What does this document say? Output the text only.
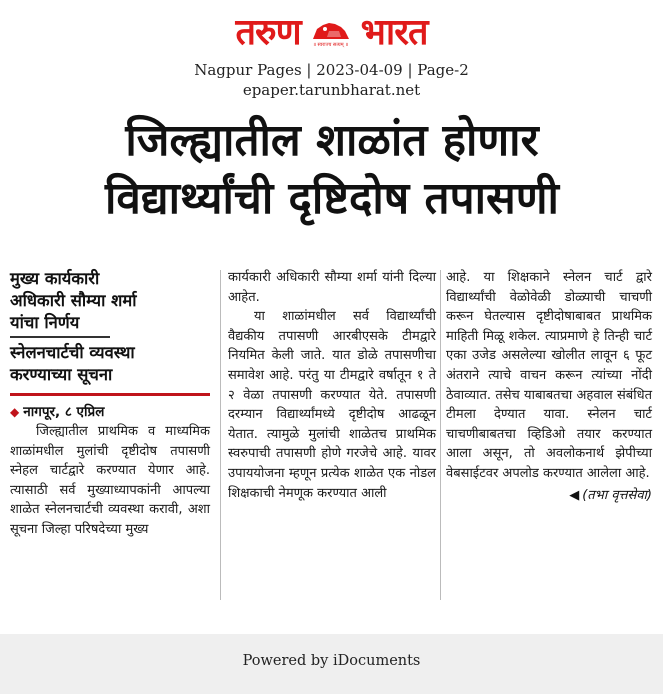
तरुण ॥ स्वराज्य सत्यम् ॥ भारत
Nagpur Pages | 2023-04-09 | Page-2
epaper.tarunbharat.net
जिल्ह्यातील शाळांत होणार
विद्यार्थ्यांची दृष्टिदोष तपासणी
मुख्य कार्यकारी
अधिकारी सौम्या शर्मा
यांचा निर्णय
स्नेलनचार्टची व्यवस्था
करण्याच्या सूचना
◆ नागपूर, ८ एप्रिल

जिल्ह्यातील प्राथमिक व माध्यमिक शाळांमधील मुलांची दृष्टीदोष तपासणी स्नेहल चार्टद्वारे करण्यात येणार आहे. त्यासाठी सर्व मुख्याध्यापकांनी आपल्या शाळेत स्नेलनचार्टची व्यवस्था करावी, अशा सूचना जिल्हा परिषदेच्या मुख्य

कार्यकारी अधिकारी सौम्या शर्मा यांनी दिल्या आहेत.

या शाळांमधील सर्व विद्यार्थ्यांची वैद्यकीय तपासणी आरबीएसके टीमद्वारे नियमित केली जाते. यात डोळे तपासणीचा समावेश आहे. परंतु या टीमद्वारे वर्षातून १ ते २ वेळा तपासणी करण्यात येते. तपासणी दरम्यान विद्यार्थ्यांमध्ये दृष्टीदोष आढळून येतात. त्यामुळे मुलांची शाळेतच प्राथमिक स्वरुपाची तपासणी होणे गरजेचे आहे. यावर उपाययोजना म्हणून प्रत्येक शाळेत एक नोडल शिक्षकाची नेमणूक करण्यात आली

आहे. या शिक्षकाने स्नेलन चार्ट द्वारे विद्यार्थ्यांची वेळोवेळी डोळ्याची चाचणी करून घेतल्यास दृष्टीदोषाबाबत प्राथमिक माहिती मिळू शकेल. त्याप्रमाणे हे तिन्ही चार्ट एका उजेड असलेल्या खोलीत लावून ६ फूट अंतराने त्याचे वाचन करून त्यांच्या नोंदी ठेवाव्यात. तसेच याबाबतचा अहवाल संबंधित टीमला देण्यात यावा. स्नेलन चार्ट चाचणीबाबतचा व्हिडिओ तयार करण्यात आला असून, तो अवलोकनार्थ झेपीच्या वेबसाईटवर अपलोड करण्यात आलेला आहे.

◀ (तभा वृत्तसेवा)
Powered by iDocuments
